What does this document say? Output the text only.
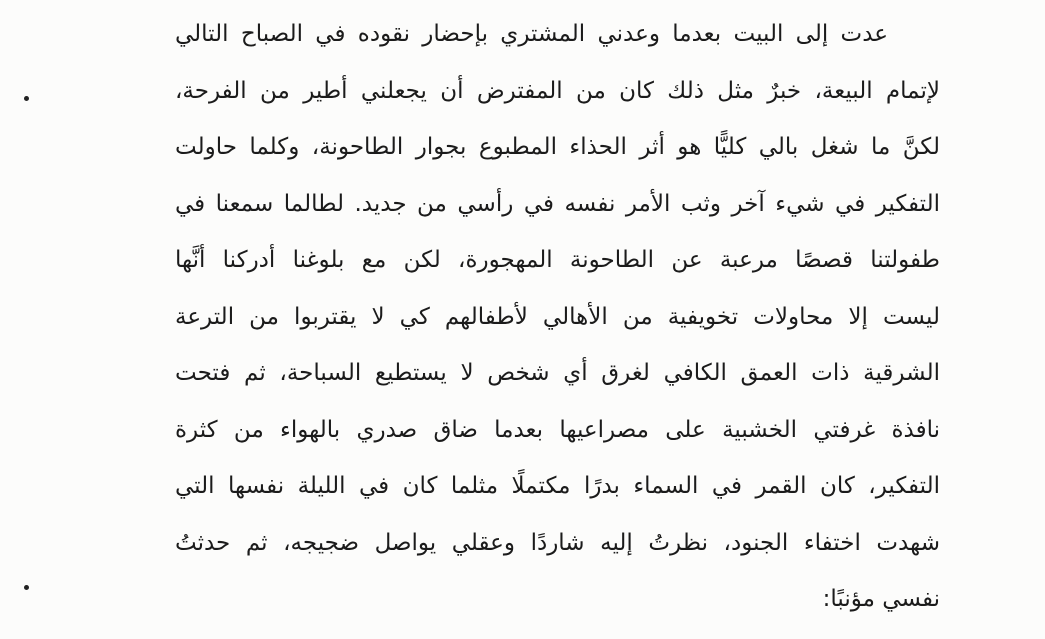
عدت إلى البيت بعدما وعدني المشتري بإحضار نقوده في الصباح التالي
لإتمام البيعة، خبرٌ مثل ذلك كان من المفترض أن يجعلني أطير من الفرحة،
لكنَّ ما شغل بالي كليًّا هو أثر الحذاء المطبوع بجوار الطاحونة، وكلما حاولت
التفكير في شيء آخر وثب الأمر نفسه في رأسي من جديد. لطالما سمعنا في
طفولتنا قصصًا مرعبة عن الطاحونة المهجورة، لكن مع بلوغنا أدركنا أنَّها
ليست إلا محاولات تخويفية من الأهالي لأطفالهم كي لا يقتربوا من الترعة
الشرقية ذات العمق الكافي لغرق أي شخص لا يستطيع السباحة، ثم فتحت
نافذة غرفتي الخشبية على مصراعيها بعدما ضاق صدري بالهواء من كثرة
التفكير، كان القمر في السماء بدرًا مكتملًا مثلما كان في الليلة نفسها التي
شهدت اختفاء الجنود، نظرتُ إليه شاردًا وعقلي يواصل ضجيجه، ثم حدثتُ
نفسي مؤنبًا:
